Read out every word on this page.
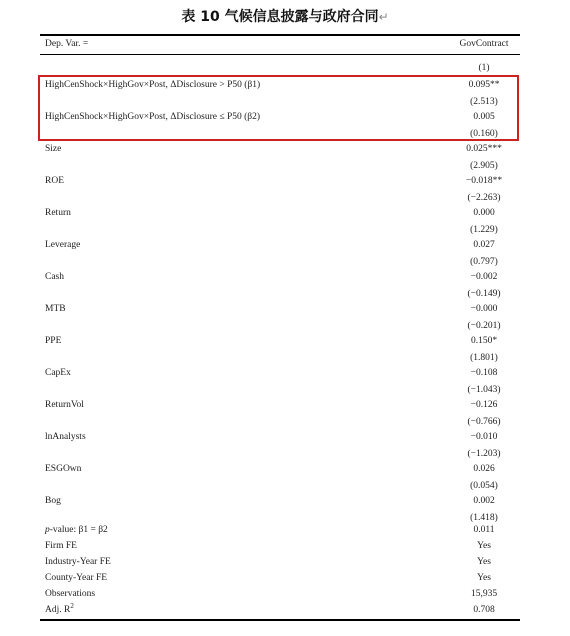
表 10 气候信息披露与政府合同↵
Dep. Var. =	GovContract
(1)
HighCenShock×HighGov×Post, ΔDisclosure > P50 (β1)	0.095**
(2.513)
HighCenShock×HighGov×Post, ΔDisclosure ≤ P50 (β2)	0.005
(0.160)
Size	0.025***
(2.905)
ROE	−0.018**
(−2.263)
Return	0.000
(1.229)
Leverage	0.027
(0.797)
Cash	−0.002
(−0.149)
MTB	−0.000
(−0.201)
PPE	0.150*
(1.801)
CapEx	−0.108
(−1.043)
ReturnVol	−0.126
(−0.766)
lnAnalysts	−0.010
(−1.203)
ESGOwn	0.026
(0.054)
Bog	0.002
(1.418)
p-value: β1 = β2	0.011
Firm FE	Yes
Industry-Year FE	Yes
County-Year FE	Yes
Observations	15,935
Adj. $R^2$	0.708
